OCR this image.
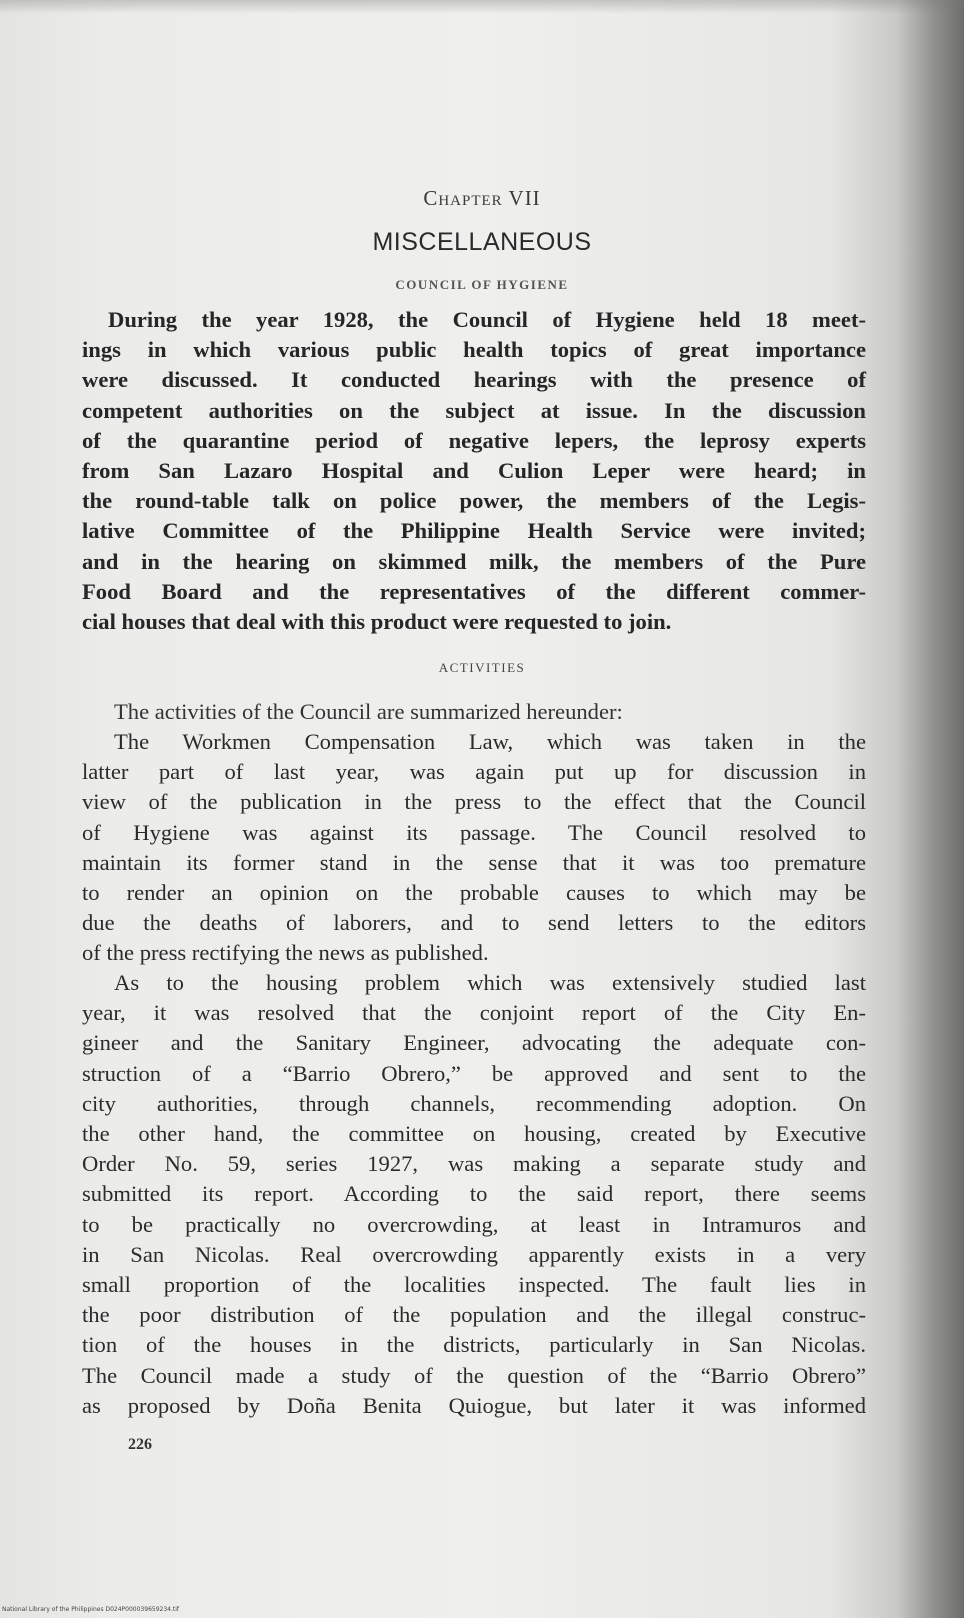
Chapter VII
MISCELLANEOUS
COUNCIL OF HYGIENE
During the year 1928, the Council of Hygiene held 18 meet-
ings in which various public health topics of great importance
were discussed. It conducted hearings with the presence of
competent authorities on the subject at issue. In the discussion
of the quarantine period of negative lepers, the leprosy experts
from San Lazaro Hospital and Culion Leper were heard; in
the round-table talk on police power, the members of the Legis-
lative Committee of the Philippine Health Service were invited;
and in the hearing on skimmed milk, the members of the Pure
Food Board and the representatives of the different commer-
cial houses that deal with this product were requested to join.
ACTIVITIES
The activities of the Council are summarized hereunder:
The Workmen Compensation Law, which was taken in the
latter part of last year, was again put up for discussion in
view of the publication in the press to the effect that the Council
of Hygiene was against its passage. The Council resolved to
maintain its former stand in the sense that it was too premature
to render an opinion on the probable causes to which may be
due the deaths of laborers, and to send letters to the editors
of the press rectifying the news as published.
As to the housing problem which was extensively studied last
year, it was resolved that the conjoint report of the City En-
gineer and the Sanitary Engineer, advocating the adequate con-
struction of a “Barrio Obrero,” be approved and sent to the
city authorities, through channels, recommending adoption. On
the other hand, the committee on housing, created by Executive
Order No. 59, series 1927, was making a separate study and
submitted its report. According to the said report, there seems
to be practically no overcrowding, at least in Intramuros and
in San Nicolas. Real overcrowding apparently exists in a very
small proportion of the localities inspected. The fault lies in
the poor distribution of the population and the illegal construc-
tion of the houses in the districts, particularly in San Nicolas.
The Council made a study of the question of the “Barrio Obrero”
as proposed by Doña Benita Quiogue, but later it was informed
226
National Library of the Philippines D024P000039659234.tif
